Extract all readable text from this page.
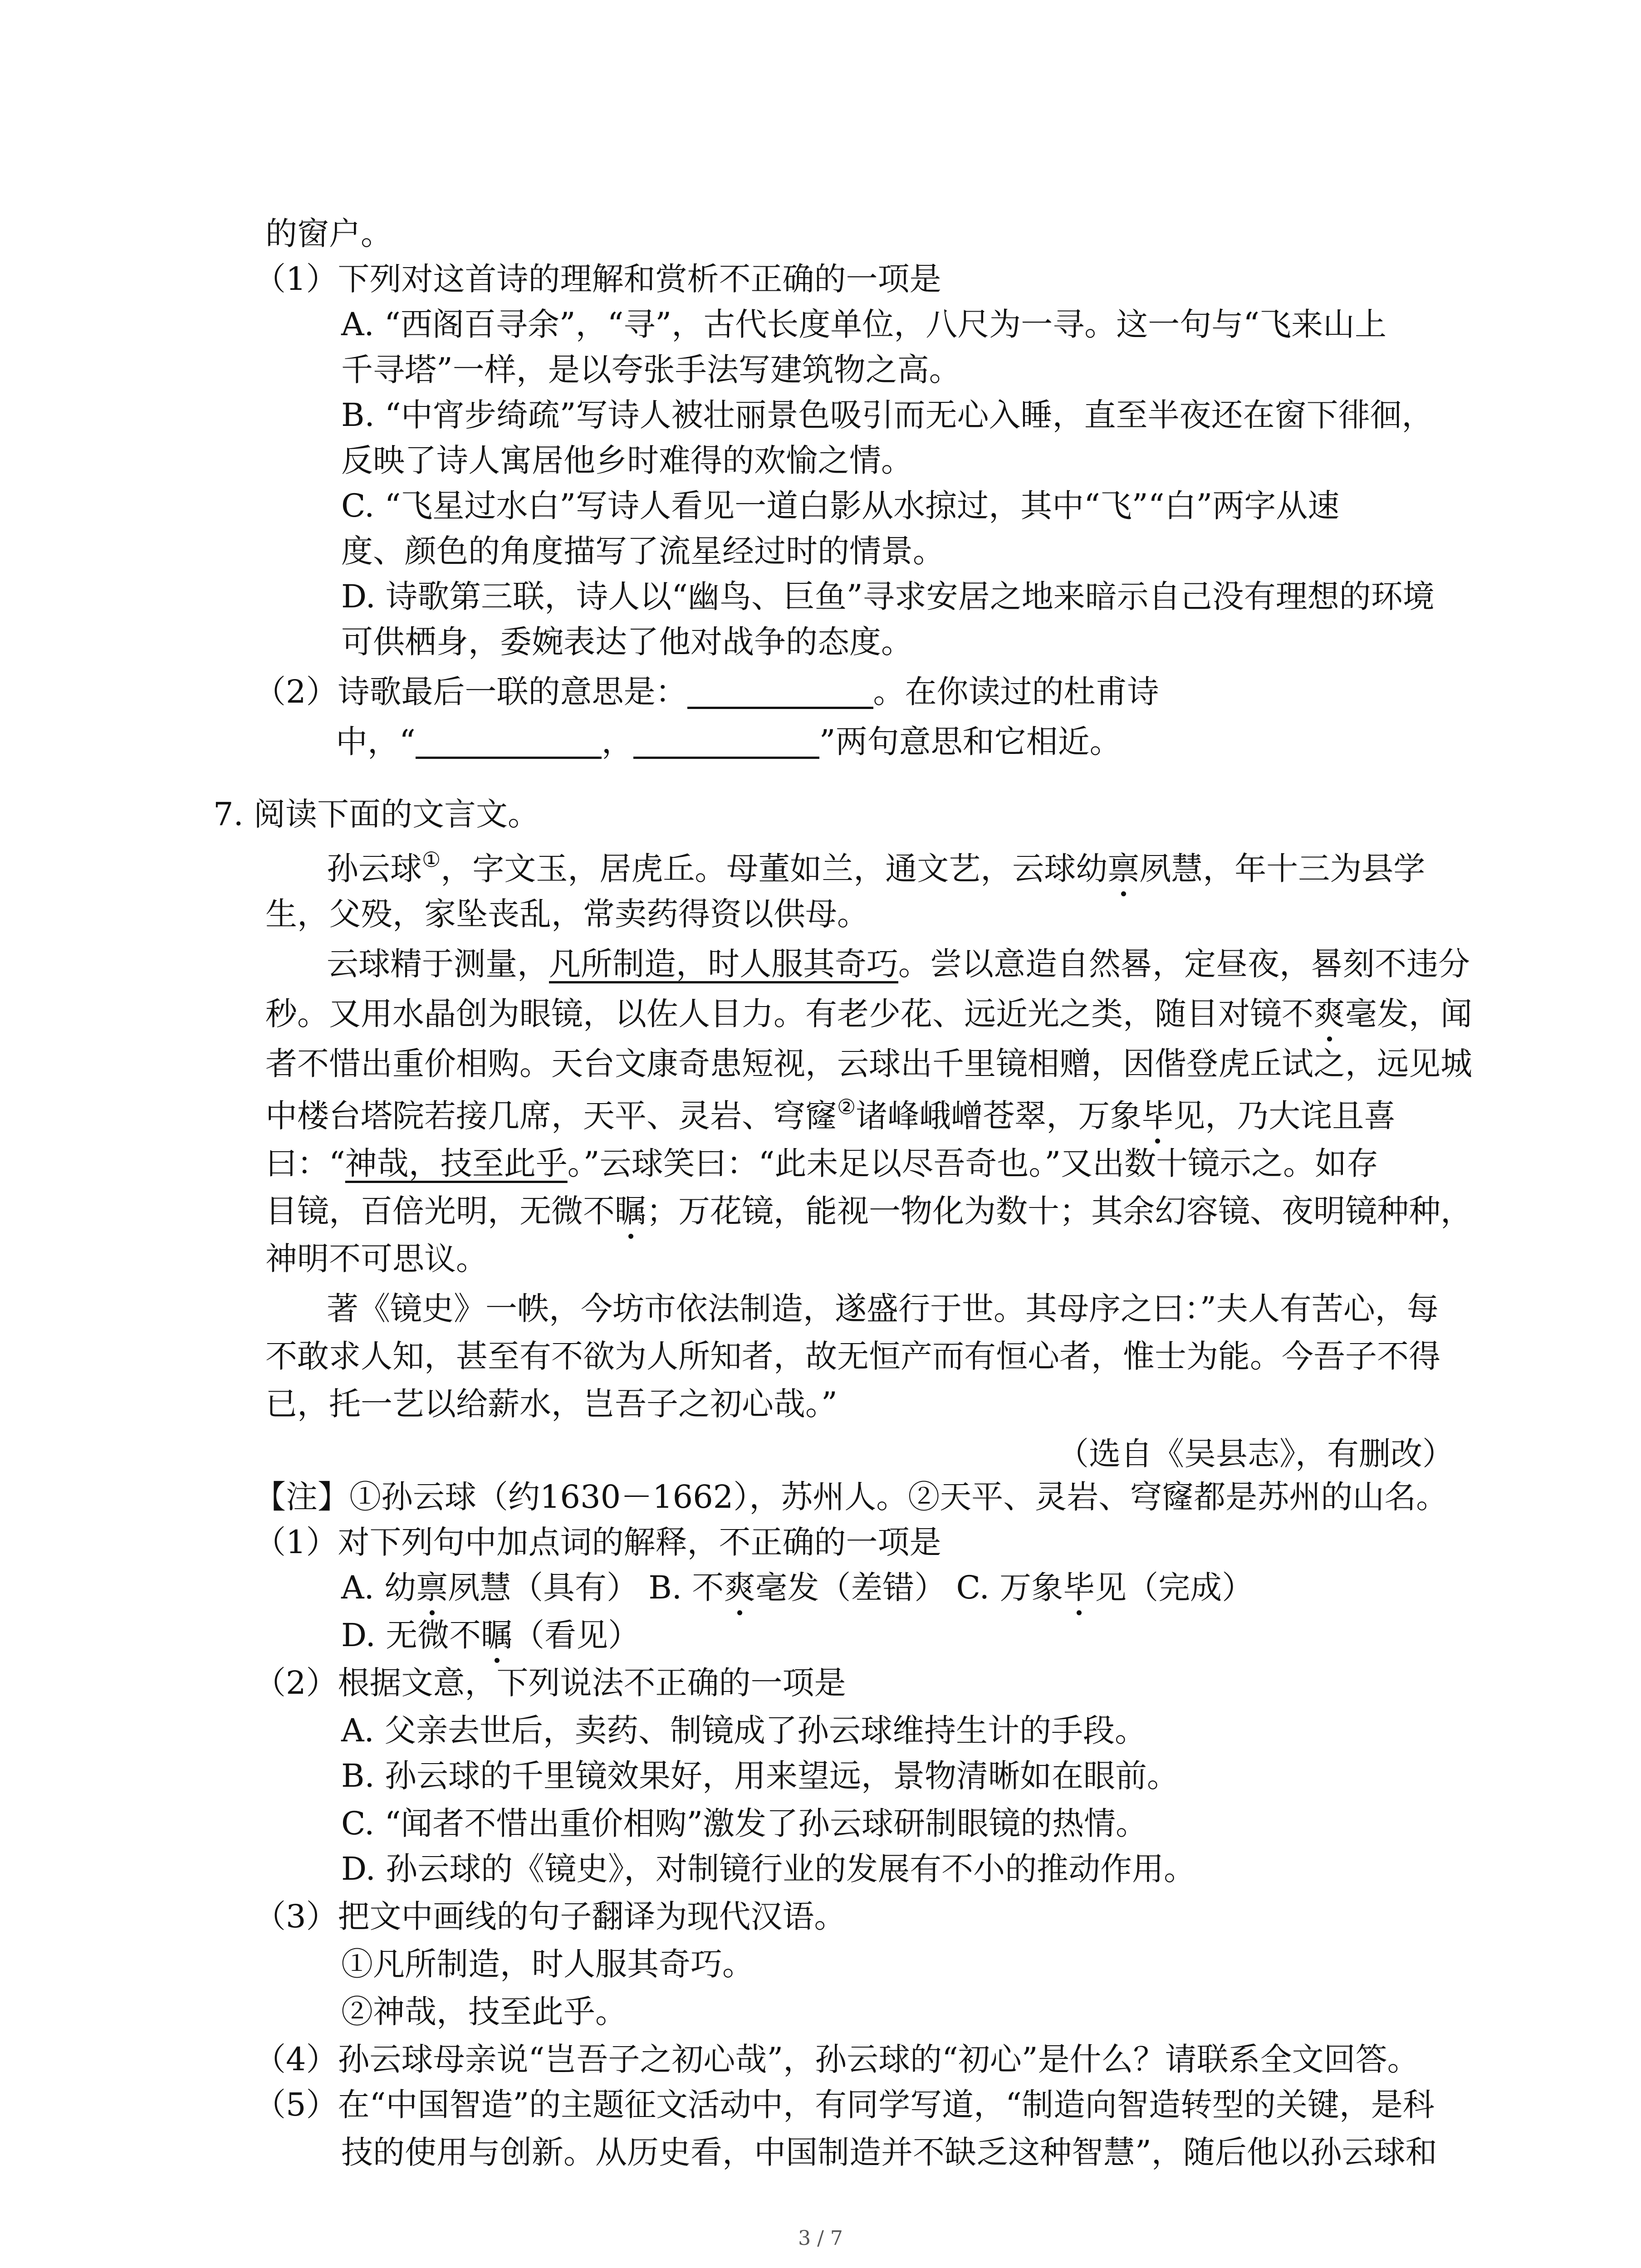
的窗户。
（1）下列对这首诗的理解和赏析不正确的一项是
A. “西阁百寻余”，“寻”，古代长度单位，八尺为一寻。这一句与“飞来山上
千寻塔”一样，是以夸张手法写建筑物之高。
B. “中宵步绮疏”写诗人被壮丽景色吸引而无心入睡，直至半夜还在窗下徘徊，
反映了诗人寓居他乡时难得的欢愉之情。
C. “飞星过水白”写诗人看见一道白影从水掠过，其中“飞”“白”两字从速
度、颜色的角度描写了流星经过时的情景。
D. 诗歌第三联，诗人以“幽鸟、巨鱼”寻求安居之地来暗示自己没有理想的环境
可供栖身，委婉表达了他对战争的态度。
（2）诗歌最后一联的意思是：	。在你读过的杜甫诗
中，“	，	”两句意思和它相近。
7. 阅读下面的文言文。
孙云球①，字文玉，居虎丘。母董如兰，通文艺，云球幼禀夙慧，年十三为县学
生，父殁，家坠丧乱，常卖药得资以供母。
云球精于测量，凡所制造，时人服其奇巧。尝以意造自然晷，定昼夜，晷刻不违分
秒。又用水晶创为眼镜，以佐人目力。有老少花、远近光之类，随目对镜不爽毫发，闻
者不惜出重价相购。天台文康奇患短视，云球出千里镜相赠，因偕登虎丘试之，远见城
中楼台塔院若接几席，天平、灵岩、穹窿②诸峰峨嶒苍翠，万象毕见，乃大诧且喜
曰：“神哉，技至此乎。”云球笑曰：“此未足以尽吾奇也。”又出数十镜示之。如存
目镜，百倍光明，无微不瞩；万花镜，能视一物化为数十；其余幻容镜、夜明镜种种，
神明不可思议。
著《镜史》一帙，今坊市依法制造，遂盛行于世。其母序之曰：”夫人有苦心，每
不敢求人知，甚至有不欲为人所知者，故无恒产而有恒心者，惟士为能。今吾子不得
已，托一艺以给薪水，岂吾子之初心哉。”
（选自《吴县志》，有删改）
【注】①孙云球（约1630－1662），苏州人。②天平、灵岩、穹窿都是苏州的山名。
（1）对下列句中加点词的解释，不正确的一项是
A. 幼禀夙慧（具有） B. 不爽毫发（差错） C. 万象毕见（完成）
D. 无微不瞩（看见）
（2）根据文意，下列说法不正确的一项是
A. 父亲去世后，卖药、制镜成了孙云球维持生计的手段。
B. 孙云球的千里镜效果好，用来望远，景物清晰如在眼前。
C. “闻者不惜出重价相购”激发了孙云球研制眼镜的热情。
D. 孙云球的《镜史》，对制镜行业的发展有不小的推动作用。
（3）把文中画线的句子翻译为现代汉语。
①凡所制造，时人服其奇巧。
②神哉，技至此乎。
（4）孙云球母亲说“岂吾子之初心哉”，孙云球的“初心”是什么？请联系全文回答。
（5）在“中国智造”的主题征文活动中，有同学写道，“制造向智造转型的关键，是科
技的使用与创新。从历史看，中国制造并不缺乏这种智慧”，随后他以孙云球和
3 / 7
